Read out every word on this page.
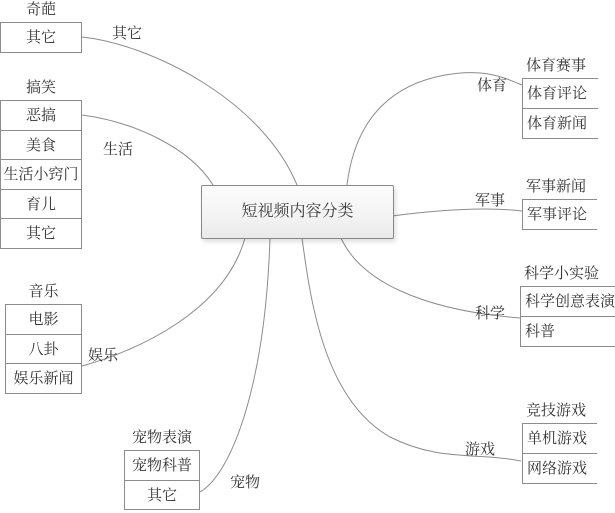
短视频内容分类
奇葩
其它	其它
搞笑
恶搞
美食
生活小窍门
育儿
其它
生活
音乐
电影
八卦
娱乐新闻
娱乐
宠物表演
宠物科普
其它
宠物
体育赛事
体育评论
体育新闻
体育
军事新闻
军事评论
军事
科学小实验
科学创意表演
科普
科学
竞技游戏
单机游戏
网络游戏
游戏
